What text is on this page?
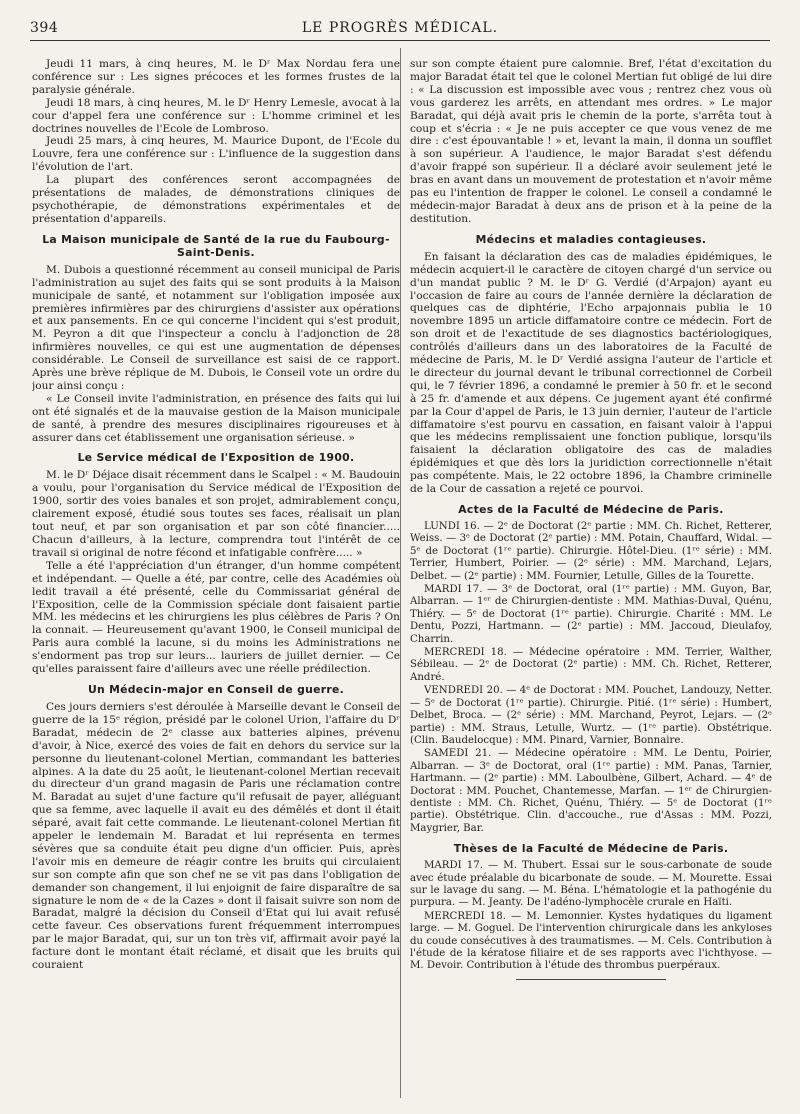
394	LE PROGRÈS MÉDICAL.

Jeudi 11 mars, à cinq heures, M. le Dʳ Max Nordau fera une conférence sur : Les signes précoces et les formes frustes de la paralysie générale.

Jeudi 18 mars, à cinq heures, M. le Dʳ Henry Lemesle, avocat à la cour d'appel fera une conférence sur : L'homme criminel et les doctrines nouvelles de l'Ecole de Lombroso.

Jeudi 25 mars, à cinq heures, M. Maurice Dupont, de l'Ecole du Louvre, fera une conférence sur : L'influence de la suggestion dans l'évolution de l'art.

La plupart des conférences seront accompagnées de présentations de malades, de démonstrations cliniques de psychothérapie, de démonstrations expérimentales et de présentation d'appareils.

La Maison municipale de Santé de la rue du Faubourg-Saint-Denis.

M. Dubois a questionné récemment au conseil municipal de Paris l'administration au sujet des faits qui se sont produits à la Maison municipale de santé, et notamment sur l'obligation imposée aux premières infirmières par des chirurgiens d'assister aux opérations et aux pansements. En ce qui concerne l'incident qui s'est produit, M. Peyron a dit que l'inspecteur a conclu à l'adjonction de 28 infirmières nouvelles, ce qui est une augmentation de dépenses considérable. Le Conseil de surveillance est saisi de ce rapport. Après une brève réplique de M. Dubois, le Conseil vote un ordre du jour ainsi conçu :

« Le Conseil invite l'administration, en présence des faits qui lui ont été signalés et de la mauvaise gestion de la Maison municipale de santé, à prendre des mesures disciplinaires rigoureuses et à assurer dans cet établissement une organisation sérieuse. »

Le Service médical de l'Exposition de 1900.

M. le Dʳ Déjace disait récemment dans le Scalpel : « M. Baudouin a voulu, pour l'organisation du Service médical de l'Exposition de 1900, sortir des voies banales et son projet, admirablement conçu, clairement exposé, étudié sous toutes ses faces, réalisait un plan tout neuf, et par son organisation et par son côté financier..... Chacun d'ailleurs, à la lecture, comprendra tout l'intérêt de ce travail si original de notre fécond et infatigable confrère..... »

Telle a été l'appréciation d'un étranger, d'un homme compétent et indépendant. — Quelle a été, par contre, celle des Académies où ledit travail a été présenté, celle du Commissariat général de l'Exposition, celle de la Commission spéciale dont faisaient partie MM. les médecins et les chirurgiens les plus célèbres de Paris ? On la connait. — Heureusement qu'avant 1900, le Conseil municipal de Paris aura comblé la lacune, si du moins les Administrations ne s'endorment pas trop sur leurs... lauriers de juillet dernier. — Ce qu'elles paraissent faire d'ailleurs avec une réelle prédilection.

Un Médecin-major en Conseil de guerre.

Ces jours derniers s'est déroulée à Marseille devant le Conseil de guerre de la 15ᵉ région, présidé par le colonel Urion, l'affaire du Dʳ Baradat, médecin de 2ᵉ classe aux batteries alpines, prévenu d'avoir, à Nice, exercé des voies de fait en dehors du service sur la personne du lieutenant-colonel Mertian, commandant les batteries alpines. A la date du 25 août, le lieutenant-colonel Mertian recevait du directeur d'un grand magasin de Paris une réclamation contre M. Baradat au sujet d'une facture qu'il refusait de payer, alléguant que sa femme, avec laquelle il avait eu des démêlés et dont il était séparé, avait fait cette commande. Le lieutenant-colonel Mertian fit appeler le lendemain M. Baradat et lui représenta en termes sévères que sa conduite était peu digne d'un officier. Puis, après l'avoir mis en demeure de réagir contre les bruits qui circulaient sur son compte afin que son chef ne se vit pas dans l'obligation de demander son changement, il lui enjoignit de faire disparaître de sa signature le nom de « de la Cazes » dont il faisait suivre son nom de Baradat, malgré la décision du Conseil d'Etat qui lui avait refusé cette faveur. Ces observations furent fréquemment interrompues par le major Baradat, qui, sur un ton très vif, affirmait avoir payé la facture dont le montant était réclamé, et disait que les bruits qui couraient

sur son compte étaient pure calomnie. Bref, l'état d'excitation du major Baradat était tel que le colonel Mertian fut obligé de lui dire : « La discussion est impossible avec vous ; rentrez chez vous où vous garderez les arrêts, en attendant mes ordres. » Le major Baradat, qui déjà avait pris le chemin de la porte, s'arrêta tout à coup et s'écria : « Je ne puis accepter ce que vous venez de me dire : c'est épouvantable ! » et, levant la main, il donna un soufflet à son supérieur. A l'audience, le major Baradat s'est défendu d'avoir frappé son supérieur. Il a déclaré avoir seulement jeté le bras en avant dans un mouvement de protestation et n'avoir même pas eu l'intention de frapper le colonel. Le conseil a condamné le médecin-major Baradat à deux ans de prison et à la peine de la destitution.

Médecins et maladies contagieuses.

En faisant la déclaration des cas de maladies épidémiques, le médecin acquiert-il le caractère de citoyen chargé d'un service ou d'un mandat public ? M. le Dʳ G. Verdié (d'Arpajon) ayant eu l'occasion de faire au cours de l'année dernière la déclaration de quelques cas de diphtérie, l'Echo arpajonnais publia le 10 novembre 1895 un article diffamatoire contre ce médecin. Fort de son droit et de l'exactitude de ses diagnostics bactériologiques, contrôlés d'ailleurs dans un des laboratoires de la Faculté de médecine de Paris, M. le Dʳ Verdié assigna l'auteur de l'article et le directeur du journal devant le tribunal correctionnel de Corbeil qui, le 7 février 1896, a condamné le premier à 50 fr. et le second à 25 fr. d'amende et aux dépens. Ce jugement ayant été confirmé par la Cour d'appel de Paris, le 13 juin dernier, l'auteur de l'article diffamatoire s'est pourvu en cassation, en faisant valoir à l'appui que les médecins remplissaient une fonction publique, lorsqu'ils faisaient la déclaration obligatoire des cas de maladies épidémiques et que dès lors la juridiction correctionnelle n'était pas compétente. Mais, le 22 octobre 1896, la Chambre criminelle de la Cour de cassation a rejeté ce pourvoi.

Actes de la Faculté de Médecine de Paris.

LUNDI 16. — 2ᵉ de Doctorat (2ᵉ partie : MM. Ch. Richet, Retterer, Weiss. — 3ᵉ de Doctorat (2ᵉ partie) : MM. Potain, Chauffard, Widal. — 5ᵉ de Doctorat (1ʳᵉ partie). Chirurgie. Hôtel-Dieu. (1ʳᵉ série) : MM. Terrier, Humbert, Poirier. — (2ᵉ série) : MM. Marchand, Lejars, Delbet. — (2ᵉ partie) : MM. Fournier, Letulle, Gilles de la Tourette.

MARDI 17. — 3ᵉ de Doctorat, oral (1ʳᵉ partie) : MM. Guyon, Bar, Albarran. — 1ᵉʳ de Chirurgien-dentiste : MM. Mathias-Duval, Quénu, Thiéry. — 5ᵉ de Doctorat (1ʳᵉ partie). Chirurgie. Charité : MM. Le Dentu, Pozzi, Hartmann. — (2ᵉ partie) : MM. Jaccoud, Dieulafoy, Charrin.

MERCREDI 18. — Médecine opératoire : MM. Terrier, Walther, Sébileau. — 2ᵉ de Doctorat (2ᵉ partie) : MM. Ch. Richet, Retterer, André.

VENDREDI 20. — 4ᵉ de Doctorat : MM. Pouchet, Landouzy, Netter. — 5ᵉ de Doctorat (1ʳᵉ partie). Chirurgie. Pitié. (1ʳᵉ série) : Humbert, Delbet, Broca. — (2ᵉ série) : MM. Marchand, Peyrot, Lejars. — (2ᵉ partie) : MM. Straus, Letulle, Wurtz. — (1ʳᵉ partie). Obstétrique. (Clin. Baudelocque) : MM. Pinard, Varnier, Bonnaire.

SAMEDI 21. — Médecine opératoire : MM. Le Dentu, Poirier, Albarran. — 3ᵉ de Doctorat, oral (1ʳᵉ partie) : MM. Panas, Tarnier, Hartmann. — (2ᵉ partie) : MM. Laboulbène, Gilbert, Achard. — 4ᵉ de Doctorat : MM. Pouchet, Chantemesse, Marfan. — 1ᵉʳ de Chirurgien-dentiste : MM. Ch. Richet, Quénu, Thiéry. — 5ᵉ de Doctorat (1ʳᵉ partie). Obstétrique. Clin. d'accouche., rue d'Assas : MM. Pozzi, Maygrier, Bar.

Thèses de la Faculté de Médecine de Paris.

MARDI 17. — M. Thubert. Essai sur le sous-carbonate de soude avec étude préalable du bicarbonate de soude. — M. Mourette. Essai sur le lavage du sang. — M. Béna. L'hématologie et la pathogénie du purpura. — M. Jeanty. De l'adéno-lymphocèle crurale en Haïti.

MERCREDI 18. — M. Lemonnier. Kystes hydatiques du ligament large. — M. Goguel. De l'intervention chirurgicale dans les ankyloses du coude consécutives à des traumatismes. — M. Cels. Contribution à l'étude de la kératose filiaire et de ses rapports avec l'ichthyose. — M. Devoir. Contribution à l'étude des thrombus puerpéraux.
